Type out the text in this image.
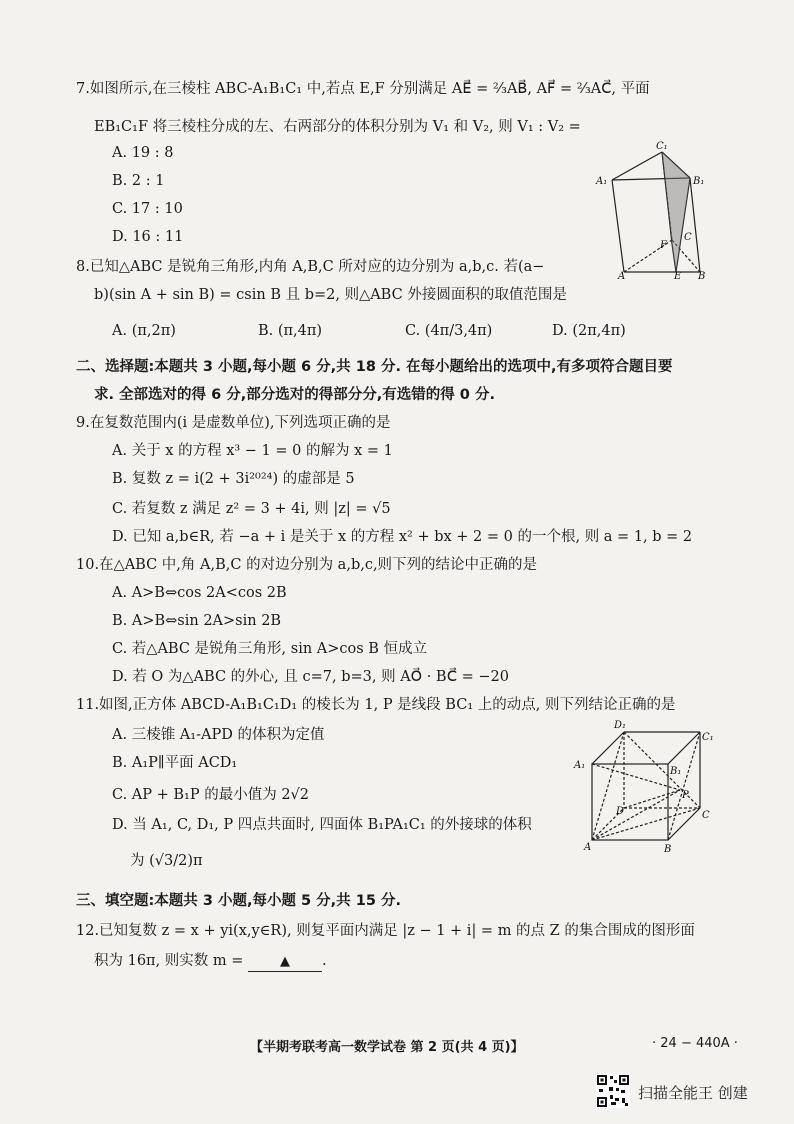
7.如图所示,在三棱柱 ABC-A₁B₁C₁ 中,若点 E,F 分别满足 AE⃗ = ²⁄₃AB⃗, AF⃗ = ²⁄₃AC⃗, 平面
EB₁C₁F 将三棱柱分成的左、右两部分的体积分别为 V₁ 和 V₂, 则 V₁ : V₂ =
A. 19 : 8
B. 2 : 1
C. 17 : 10
D. 16 : 11
C₁
A₁	B₁
C
F
A	E B
8.已知△ABC 是锐角三角形,内角 A,B,C 所对应的边分别为 a,b,c. 若(a−
b)(sin A + sin B) = csin B 且 b=2, 则△ABC 外接圆面积的取值范围是
A. (π,2π)	B. (π,4π)	C. (4π/3,4π)	D. (2π,4π)
二、选择题:本题共 3 小题,每小题 6 分,共 18 分. 在每小题给出的选项中,有多项符合题目要
求. 全部选对的得 6 分,部分选对的得部分分,有选错的得 0 分.
9.在复数范围内(i 是虚数单位),下列选项正确的是
A. 关于 x 的方程 x³ − 1 = 0 的解为 x = 1
B. 复数 z = i(2 + 3i²⁰²⁴) 的虚部是 5
C. 若复数 z 满足 z² = 3 + 4i, 则 |z| = √5
D. 已知 a,b∈R, 若 −a + i 是关于 x 的方程 x² + bx + 2 = 0 的一个根, 则 a = 1, b = 2
10.在△ABC 中,角 A,B,C 的对边分别为 a,b,c,则下列的结论中正确的是
A. A>B⇔cos 2A<cos 2B
B. A>B⇔sin 2A>sin 2B
C. 若△ABC 是锐角三角形, sin A>cos B 恒成立
D. 若 O 为△ABC 的外心, 且 c=7, b=3, 则 AO⃗ · BC⃗ = −20
11.如图,正方体 ABCD-A₁B₁C₁D₁ 的棱长为 1, P 是线段 BC₁ 上的动点, 则下列结论正确的是
A. 三棱锥 A₁-APD 的体积为定值
B. A₁P∥平面 ACD₁
C. AP + B₁P 的最小值为 2√2
D. 当 A₁, C, D₁, P 四点共面时, 四面体 B₁PA₁C₁ 的外接球的体积
为 (√3/2)π
D₁
C₁
A₁
B₁
P
D	C
A	B
三、填空题:本题共 3 小题,每小题 5 分,共 15 分.
12.已知复数 z = x + yi(x,y∈R), 则复平面内满足 |z − 1 + i| = m 的点 Z 的集合围成的图形面
积为 16π, 则实数 m =	▲ .
【半期考联考高一数学试卷 第 2 页(共 4 页)】	· 24 − 440A ·
扫描全能王 创建
